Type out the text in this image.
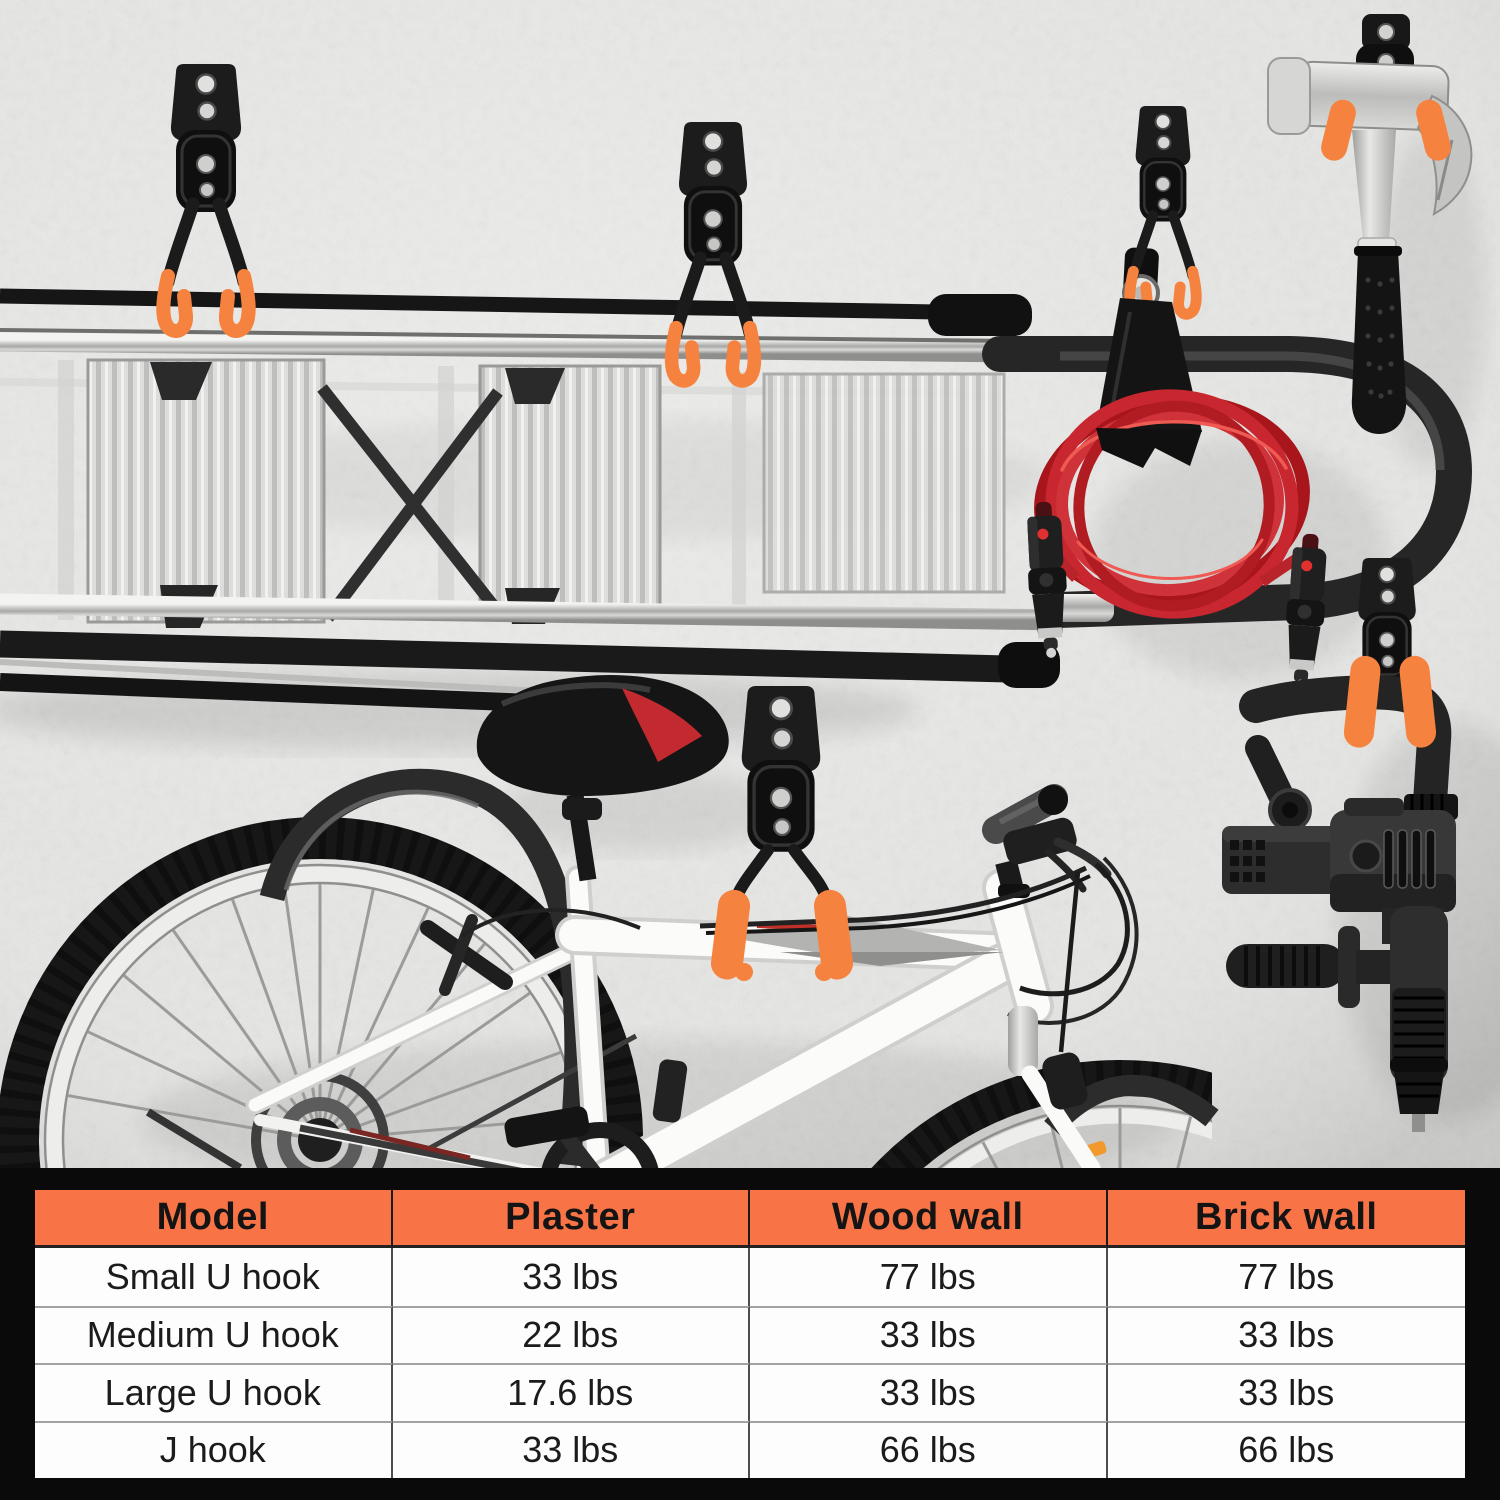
Model	Plaster	Wood wall	Brick wall
Small U hook	33 lbs	77 lbs	77 lbs
Medium U hook	22 lbs	33 lbs	33 lbs
Large U hook	17.6 lbs	33 lbs	33 lbs
J hook	33 lbs	66 lbs	66 lbs
